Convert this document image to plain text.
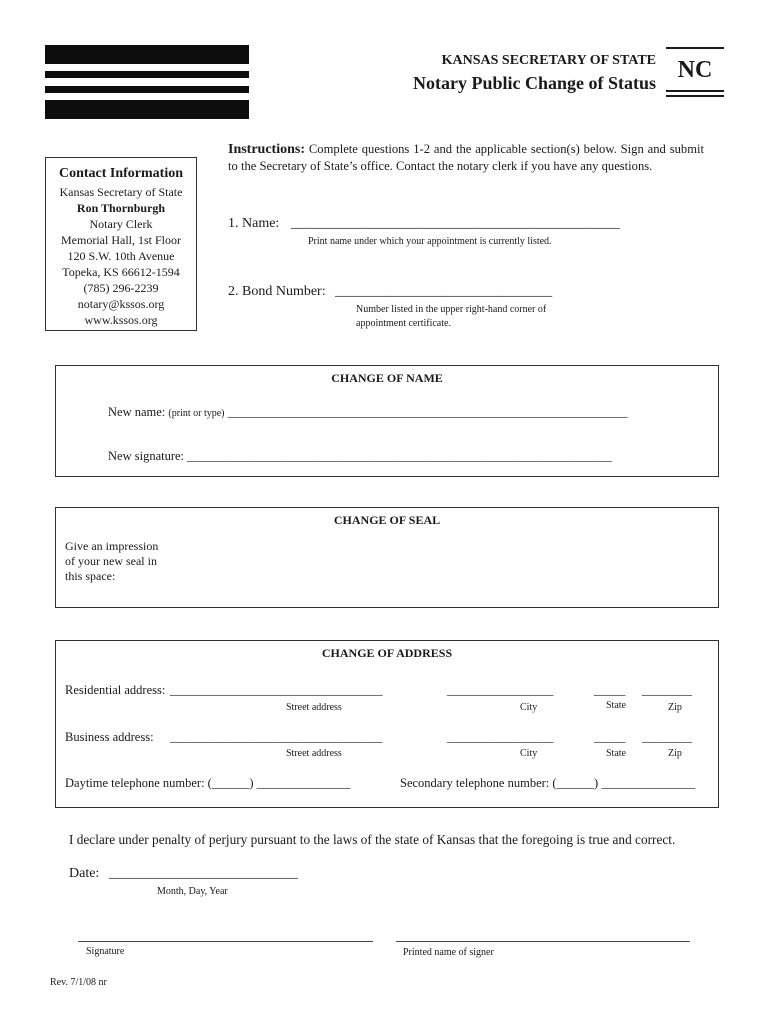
KANSAS SECRETARY OF STATE
Notary Public Change of Status NC
Contact Information
Kansas Secretary of State
Ron Thornburgh
Notary Clerk
Memorial Hall, 1st Floor
120 S.W. 10th Avenue
Topeka, KS 66612-1594
(785) 296-2239
notary@kssos.org
www.kssos.org
Instructions: Complete questions 1-2 and the applicable section(s) below. Sign and submit to the Secretary of State’s office. Contact the notary clerk if you have any questions.
1. Name: _______________________________________________
Print name under which your appointment is currently listed.
2. Bond Number: _______________________________
Number listed in the upper right-hand corner of
appointment certificate.
CHANGE OF NAME
New name: (print or type) ________________________________________________________________
New signature: ____________________________________________________________________
CHANGE OF SEAL
Give an impression
of your new seal in
this space:
CHANGE OF ADDRESS
Residential address: __________________________________	_________________	_____ ________
Street address	City	State	Zip
Business address: __________________________________	_________________	_____ ________
Street address	City	State	Zip
Daytime telephone number: (______) _______________	Secondary telephone number: (______) _______________
I declare under penalty of perjury pursuant to the laws of the state of Kansas that the foregoing is true and correct.
Date: ___________________________
Month, Day, Year
Signature	Printed name of signer
Rev. 7/1/08 nr
